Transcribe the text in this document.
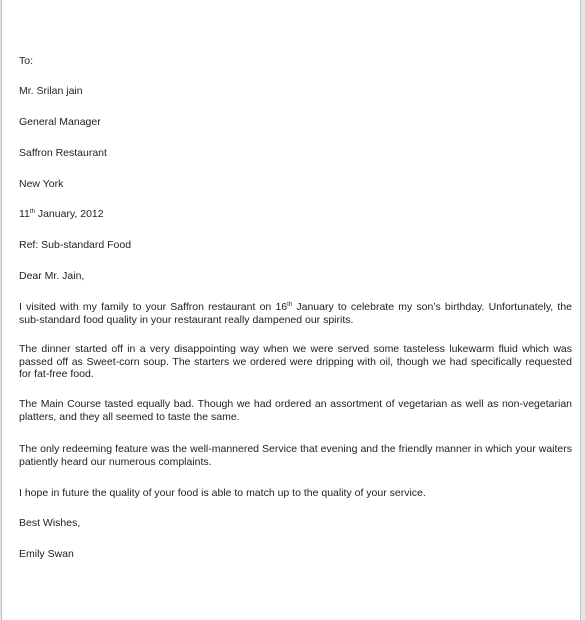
To:
Mr. Srilan jain
General Manager
Saffron Restaurant
New York
11th January, 2012
Ref: Sub-standard Food
Dear Mr. Jain,
I visited with my family to your Saffron restaurant on 16th January to celebrate my son’s birthday. Unfortunately, the sub-standard food quality in your restaurant really dampened our spirits.
The dinner started off in a very disappointing way when we were served some tasteless lukewarm fluid which was passed off as Sweet-corn soup. The starters we ordered were dripping with oil, though we had specifically requested for fat-free food.
The Main Course tasted equally bad. Though we had ordered an assortment of vegetarian as well as non-vegetarian platters, and they all seemed to taste the same.
The only redeeming feature was the well-mannered Service that evening and the friendly manner in which your waiters patiently heard our numerous complaints.
I hope in future the quality of your food is able to match up to the quality of your service.
Best Wishes,
Emily Swan
